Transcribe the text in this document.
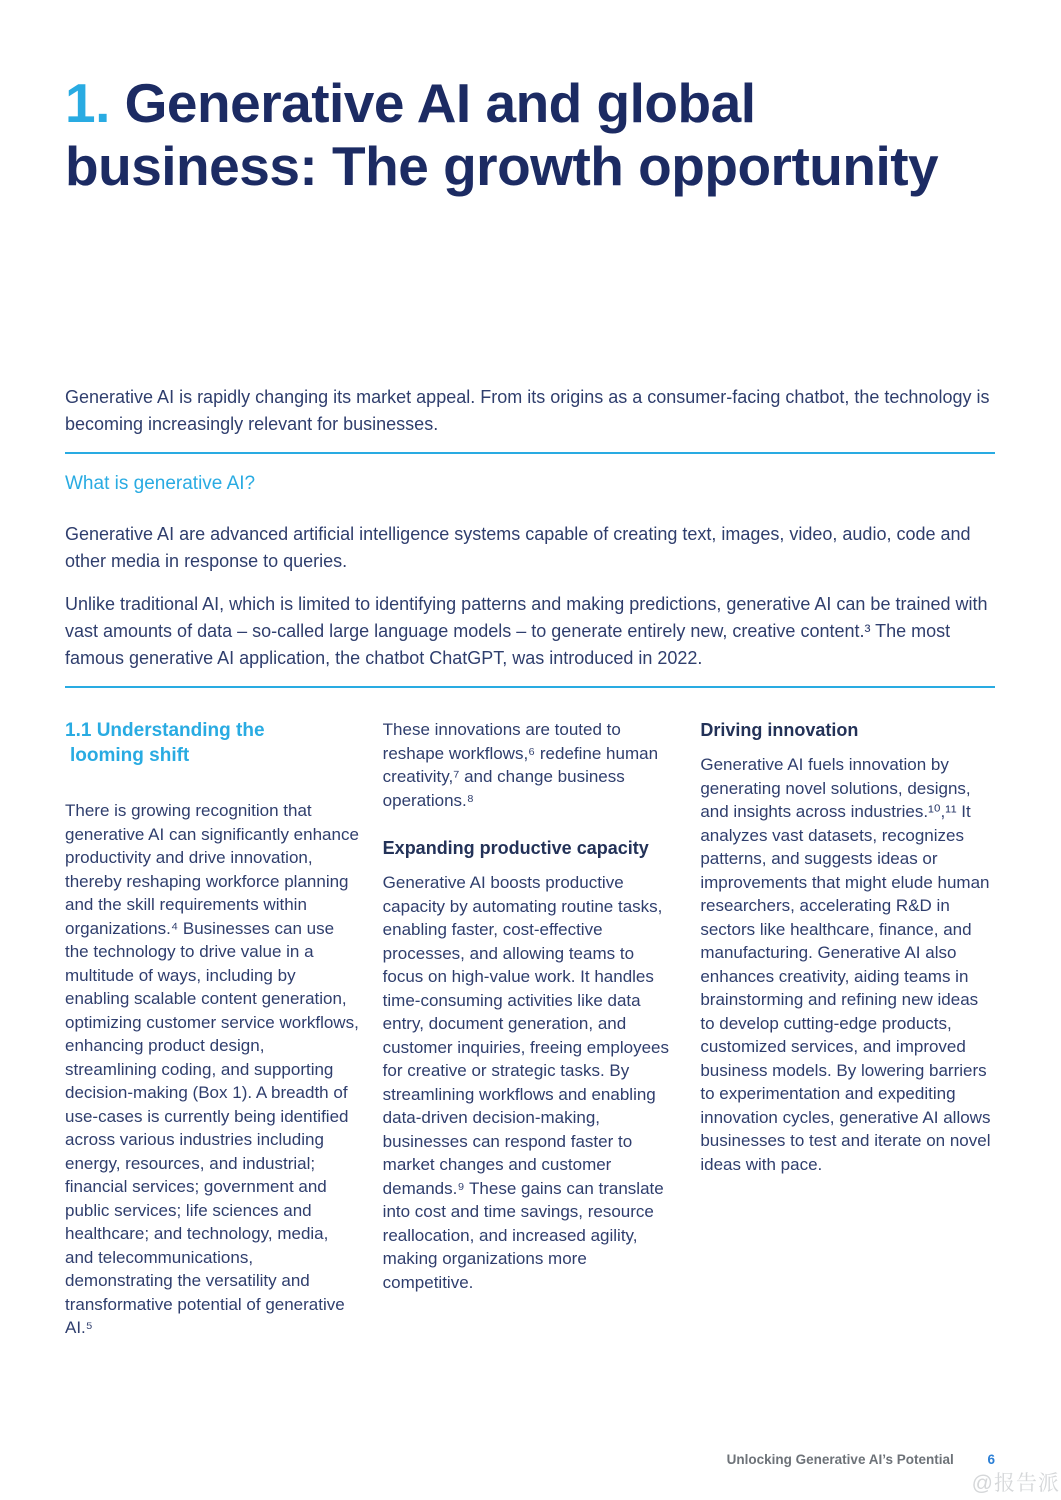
1. Generative AI and global
business: The growth opportunity

Generative AI is rapidly changing its market appeal. From its origins as a consumer-facing chatbot, the technology is becoming increasingly relevant for businesses.

What is generative AI?

Generative AI are advanced artificial intelligence systems capable of creating text, images, video, audio, code and other media in response to queries.

Unlike traditional AI, which is limited to identifying patterns and making predictions, generative AI can be trained with vast amounts of data – so-called large language models – to generate entirely new, creative content.³ The most famous generative AI application, the chatbot ChatGPT, was introduced in 2022.

1.1 Understanding the
looming shift

There is growing recognition that generative AI can significantly enhance productivity and drive innovation, thereby reshaping workforce planning and the skill requirements within organizations.⁴ Businesses can use the technology to drive value in a multitude of ways, including by enabling scalable content generation, optimizing customer service workflows, enhancing product design, streamlining coding, and supporting decision-making (Box 1). A breadth of use-cases is currently being identified across various industries including energy, resources, and industrial; financial services; government and public services; life sciences and healthcare; and technology, media, and telecommunications, demonstrating the versatility and transformative potential of generative AI.⁵

These innovations are touted to reshape workflows,⁶ redefine human creativity,⁷ and change business operations.⁸

Expanding productive capacity

Generative AI boosts productive capacity by automating routine tasks, enabling faster, cost-effective processes, and allowing teams to focus on high-value work. It handles time-consuming activities like data entry, document generation, and customer inquiries, freeing employees for creative or strategic tasks. By streamlining workflows and enabling data-driven decision-making, businesses can respond faster to market changes and customer demands.⁹ These gains can translate into cost and time savings, resource reallocation, and increased agility, making organizations more competitive.

Driving innovation

Generative AI fuels innovation by generating novel solutions, designs, and insights across industries.¹⁰,¹¹ It analyzes vast datasets, recognizes patterns, and suggests ideas or improvements that might elude human researchers, accelerating R&D in sectors like healthcare, finance, and manufacturing. Generative AI also enhances creativity, aiding teams in brainstorming and refining new ideas to develop cutting-edge products, customized services, and improved business models. By lowering barriers to experimentation and expediting innovation cycles, generative AI allows businesses to test and iterate on novel ideas with pace.

Unlocking Generative AI’s Potential	6
@报告派
